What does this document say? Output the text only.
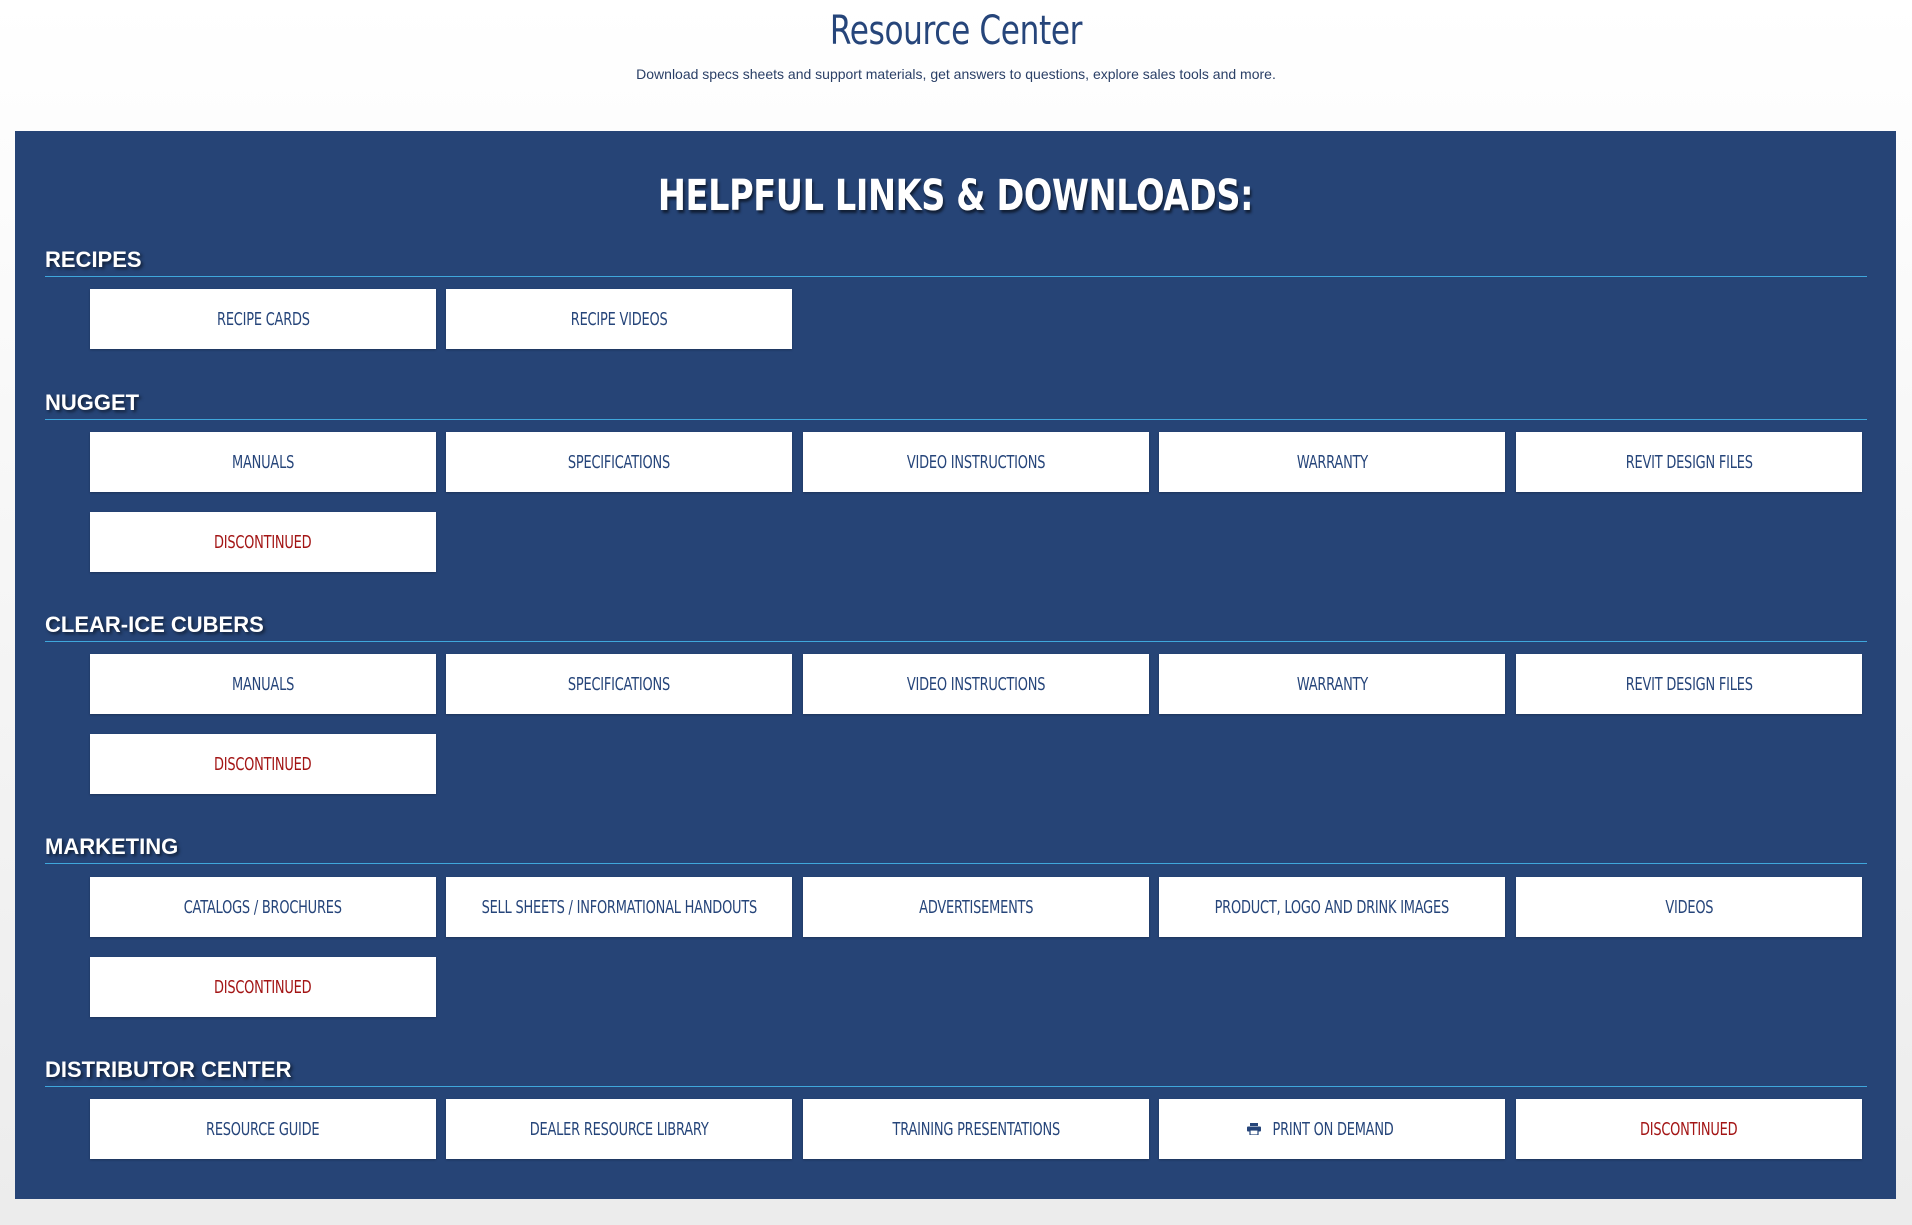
Resource Center

Download specs sheets and support materials, get answers to questions, explore sales tools and more.

HELPFUL LINKS & DOWNLOADS:
RECIPES
RECIPE CARDS	RECIPE VIDEOS
NUGGET
MANUALS	SPECIFICATIONS	VIDEO INSTRUCTIONS	WARRANTY	REVIT DESIGN FILES
DISCONTINUED
CLEAR-ICE CUBERS
MANUALS	SPECIFICATIONS	VIDEO INSTRUCTIONS	WARRANTY	REVIT DESIGN FILES
DISCONTINUED
MARKETING
CATALOGS / BROCHURES	SELL SHEETS / INFORMATIONAL HANDOUTS	ADVERTISEMENTS	PRODUCT, LOGO AND DRINK IMAGES	VIDEOS
DISCONTINUED
DISTRIBUTOR CENTER
RESOURCE GUIDE	DEALER RESOURCE LIBRARY	TRAINING PRESENTATIONS	PRINT ON DEMAND	DISCONTINUED
